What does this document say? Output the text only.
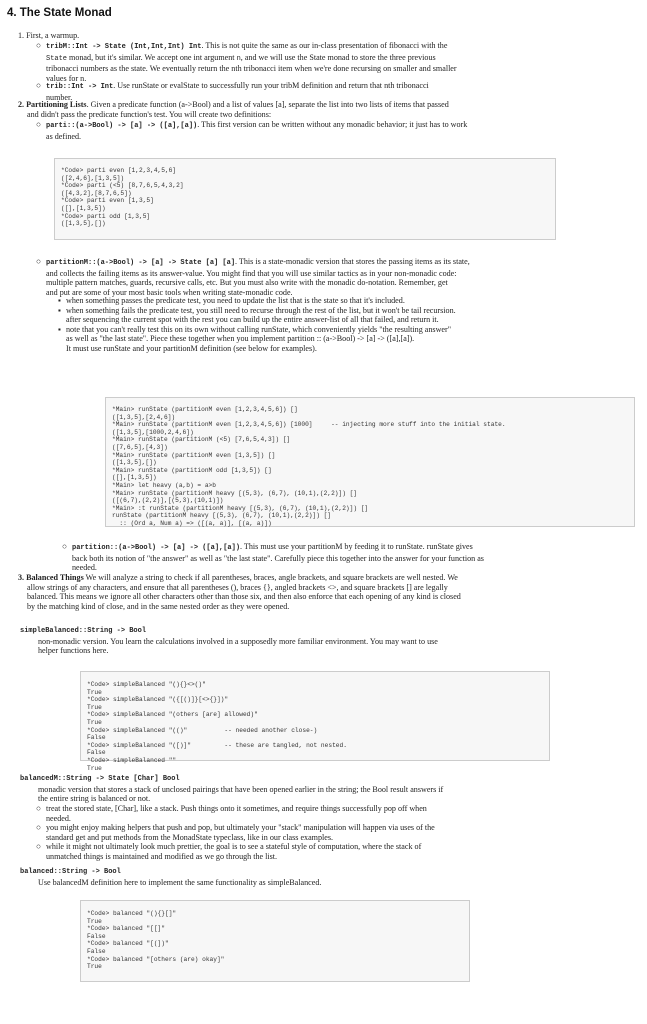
4. The State Monad

1. First, a warmup.

○ tribM::Int -> State (Int,Int,Int) Int. This is not quite the same as our in-class presentation of fibonacci with the

State monad, but it's similar. We accept one int argument n, and we will use the State monad to store the three previous

tribonacci numbers as the state. We eventually return the nth tribonacci item when we're done recursing on smaller and smaller

values for n.

○ trib::Int -> Int. Use runState or evalState to successfully run your tribM definition and return that nth tribonacci

number.

2. Partitioning Lists. Given a predicate function (a->Bool) and a list of values [a], separate the list into two lists of items that passed

and didn't pass the predicate function's test. You will create two definitions:

○ parti::(a->Bool) -> [a] -> ([a],[a]). This first version can be written without any monadic behavior; it just has to work

as defined.

*Code> parti even [1,2,3,4,5,6]
([2,4,6],[1,3,5])
*Code> parti (<5) [8,7,6,5,4,3,2]
([4,3,2],[8,7,6,5])
*Code> parti even [1,3,5]
([],[1,3,5])
*Code> parti odd [1,3,5]
([1,3,5],[])
○ partitionM::(a->Bool) -> [a] -> State [a] [a]. This is a state-monadic version that stores the passing items as its state,

and collects the failing items as its answer-value. You might find that you will use similar tactics as in your non-monadic code:

multiple pattern matches, guards, recursive calls, etc. But you must also write with the monadic do-notation. Remember, get

and put are some of your most basic tools when writing state-monadic code.

▪ when something passes the predicate test, you need to update the list that is the state so that it's included.

▪ when something fails the predicate test, you still need to recurse through the rest of the list, but it won't be tail recursion.

after sequencing the current spot with the rest you can build up the entire answer-list of all that failed, and return it.

▪ note that you can't really test this on its own without calling runState, which conveniently yields "the resulting answer"

as well as "the last state". Piece these together when you implement partition :: (a->Bool) -> [a] -> ([a],[a]).

It must use runState and your partitionM definition (see below for examples).

*Main> runState (partitionM even [1,2,3,4,5,6]) []
([1,3,5],[2,4,6])
*Main> runState (partitionM even [1,2,3,4,5,6]) [1000]     -- injecting more stuff into the initial state.
([1,3,5],[1000,2,4,6])
*Main> runState (partitionM (<5) [7,6,5,4,3]) []
([7,6,5],[4,3])
*Main> runState (partitionM even [1,3,5]) []
([1,3,5],[])
*Main> runState (partitionM odd [1,3,5]) []
([],[1,3,5])
*Main> let heavy (a,b) = a>b
*Main> runState (partitionM heavy [(5,3), (6,7), (10,1),(2,2)]) []
([(6,7),(2,2)],[(5,3),(10,1)])
*Main> :t runState (partitionM heavy [(5,3), (6,7), (10,1),(2,2)]) []
runState (partitionM heavy [(5,3), (6,7), (10,1),(2,2)]) []
:: (Ord a, Num a) => ([(a, a)], [(a, a)])
○ partition::(a->Bool) -> [a] -> ([a],[a]). This must use your partitionM by feeding it to runState. runState gives

back both its notion of "the answer" as well as "the last state". Carefully piece this together into the answer for your function as

needed.

3. Balanced Things We will analyze a string to check if all parentheses, braces, angle brackets, and square brackets are well nested. We

allow strings of any characters, and ensure that all parentheses (), braces {}, angled brackets <>, and square brackets [] are legally

balanced. This means we ignore all other characters other than those six, and then also enforce that each opening of any kind is closed

by the matching kind of close, and in the same nested order as they were opened.

simpleBalanced::String -> Bool

non-monadic version. You learn the calculations involved in a supposedly more familiar environment. You may want to use

helper functions here.

*Code> simpleBalanced "(){}<>()"
True
*Code> simpleBalanced "({[()]}[<>{}])"
True
*Code> simpleBalanced "(others [are] allowed)"
True
*Code> simpleBalanced "(()"          -- needed another close-)
False
*Code> simpleBalanced "([)]"         -- these are tangled, not nested.
False
*Code> simpleBalanced ""
True

balancedM::String -> State [Char] Bool

monadic version that stores a stack of unclosed pairings that have been opened earlier in the string; the Bool result answers if

the entire string is balanced or not.

○ treat the stored state, [Char], like a stack. Push things onto it sometimes, and require things successfully pop off when

needed.

○ you might enjoy making helpers that push and pop, but ultimately your "stack" manipulation will happen via uses of the

standard get and put methods from the MonadState typeclass, like in our class examples.

○ while it might not ultimately look much prettier, the goal is to see a stateful style of computation, where the stack of

unmatched things is maintained and modified as we go through the list.

balanced::String -> Bool

Use balancedM definition here to implement the same functionality as simpleBalanced.

*Code> balanced "(){}[]"
True
*Code> balanced "[[]"
False
*Code> balanced "[(])"
False
*Code> balanced "[others (are) okay]"
True
